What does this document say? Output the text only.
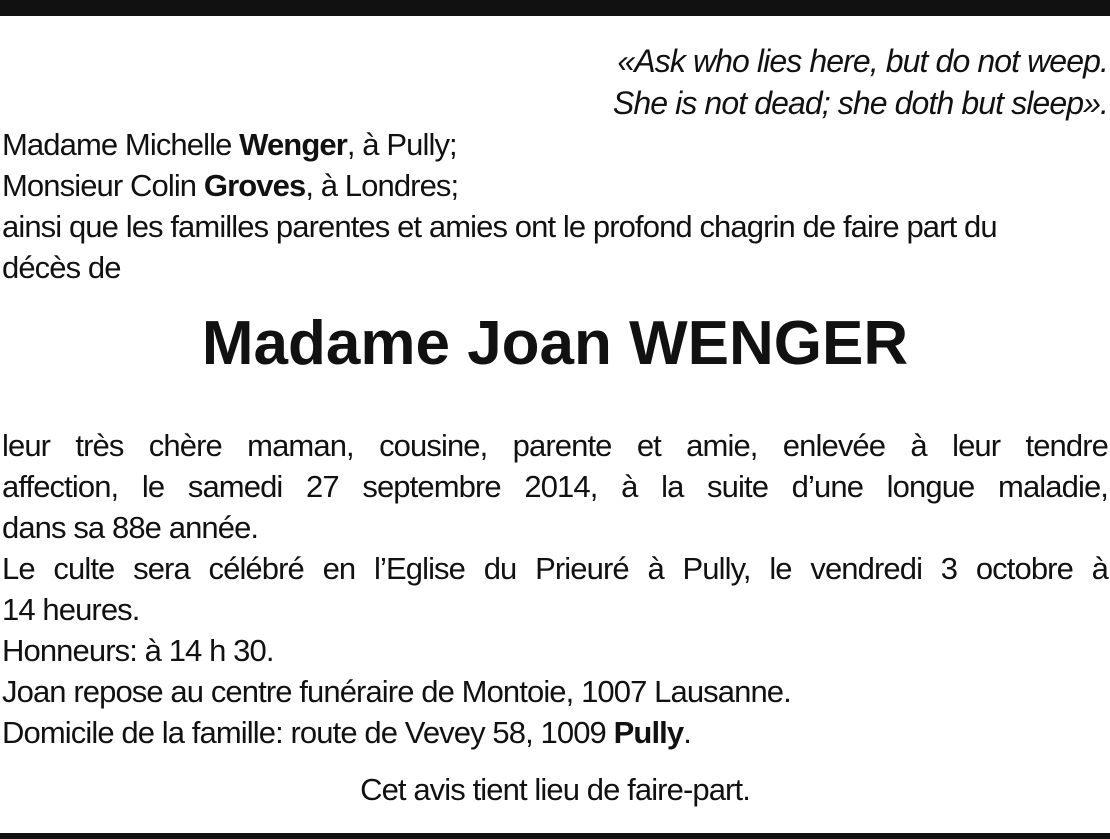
«Ask who lies here, but do not weep.
She is not dead; she doth but sleep».
Madame Michelle Wenger, à Pully;
Monsieur Colin Groves, à Londres;
ainsi que les familles parentes et amies ont le profond chagrin de faire part du
décès de
Madame Joan WENGER
leur très chère maman, cousine, parente et amie, enlevée à leur tendre
affection, le samedi 27 septembre 2014, à la suite d’une longue maladie,
dans sa 88e année.
Le culte sera célébré en l’Eglise du Prieuré à Pully, le vendredi 3 octobre à
14 heures.
Honneurs: à 14 h 30.
Joan repose au centre funéraire de Montoie, 1007 Lausanne.
Domicile de la famille: route de Vevey 58, 1009 Pully.
Cet avis tient lieu de faire-part.
